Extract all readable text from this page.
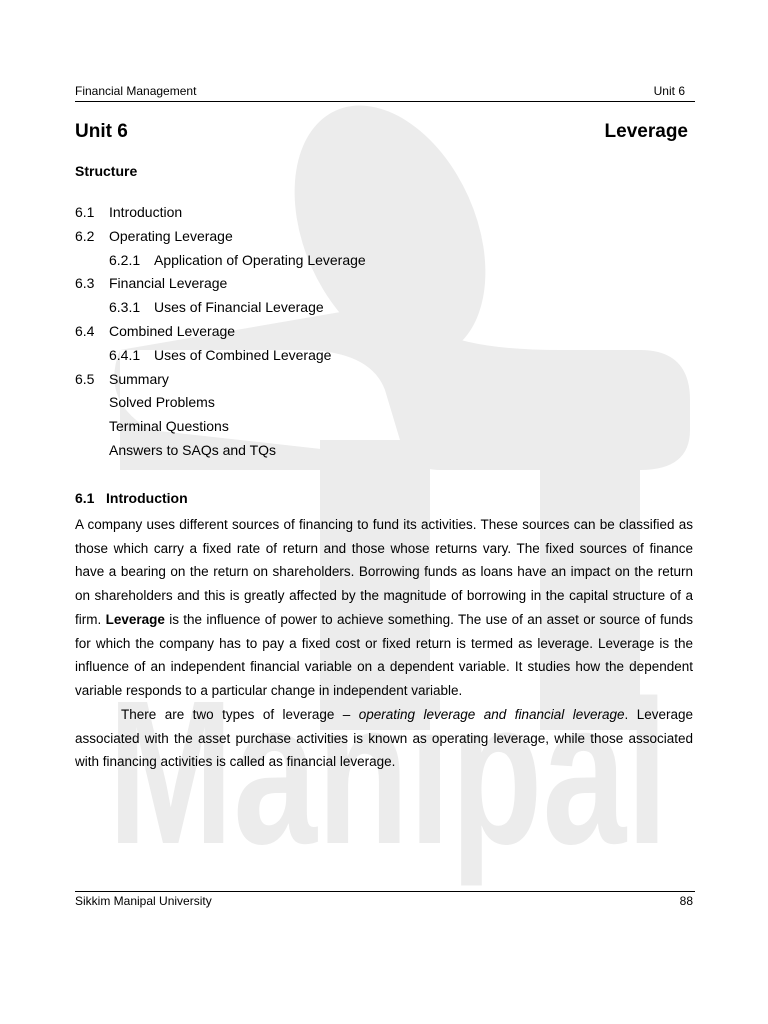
Manipal
Financial Management	Unit 6
Unit 6	Leverage
Structure
6.1 Introduction
6.2 Operating Leverage
6.2.1 Application of Operating Leverage
6.3 Financial Leverage
6.3.1 Uses of Financial Leverage
6.4 Combined Leverage
6.4.1 Uses of Combined Leverage
6.5 Summary
Solved Problems
Terminal Questions
Answers to SAQs and TQs
6.1 Introduction

A company uses different sources of financing to fund its activities. These sources can be classified as those which carry a fixed rate of return and those whose returns vary. The fixed sources of finance have a bearing on the return on shareholders. Borrowing funds as loans have an impact on the return on shareholders and this is greatly affected by the magnitude of borrowing in the capital structure of a firm. Leverage is the influence of power to achieve something. The use of an asset or source of funds for which the company has to pay a fixed cost or fixed return is termed as leverage. Leverage is the influence of an independent financial variable on a dependent variable. It studies how the dependent variable responds to a particular change in independent variable.

There are two types of leverage – operating leverage and financial leverage. Leverage associated with the asset purchase activities is known as operating leverage, while those associated with financing activities is called as financial leverage.

Sikkim Manipal University	88
